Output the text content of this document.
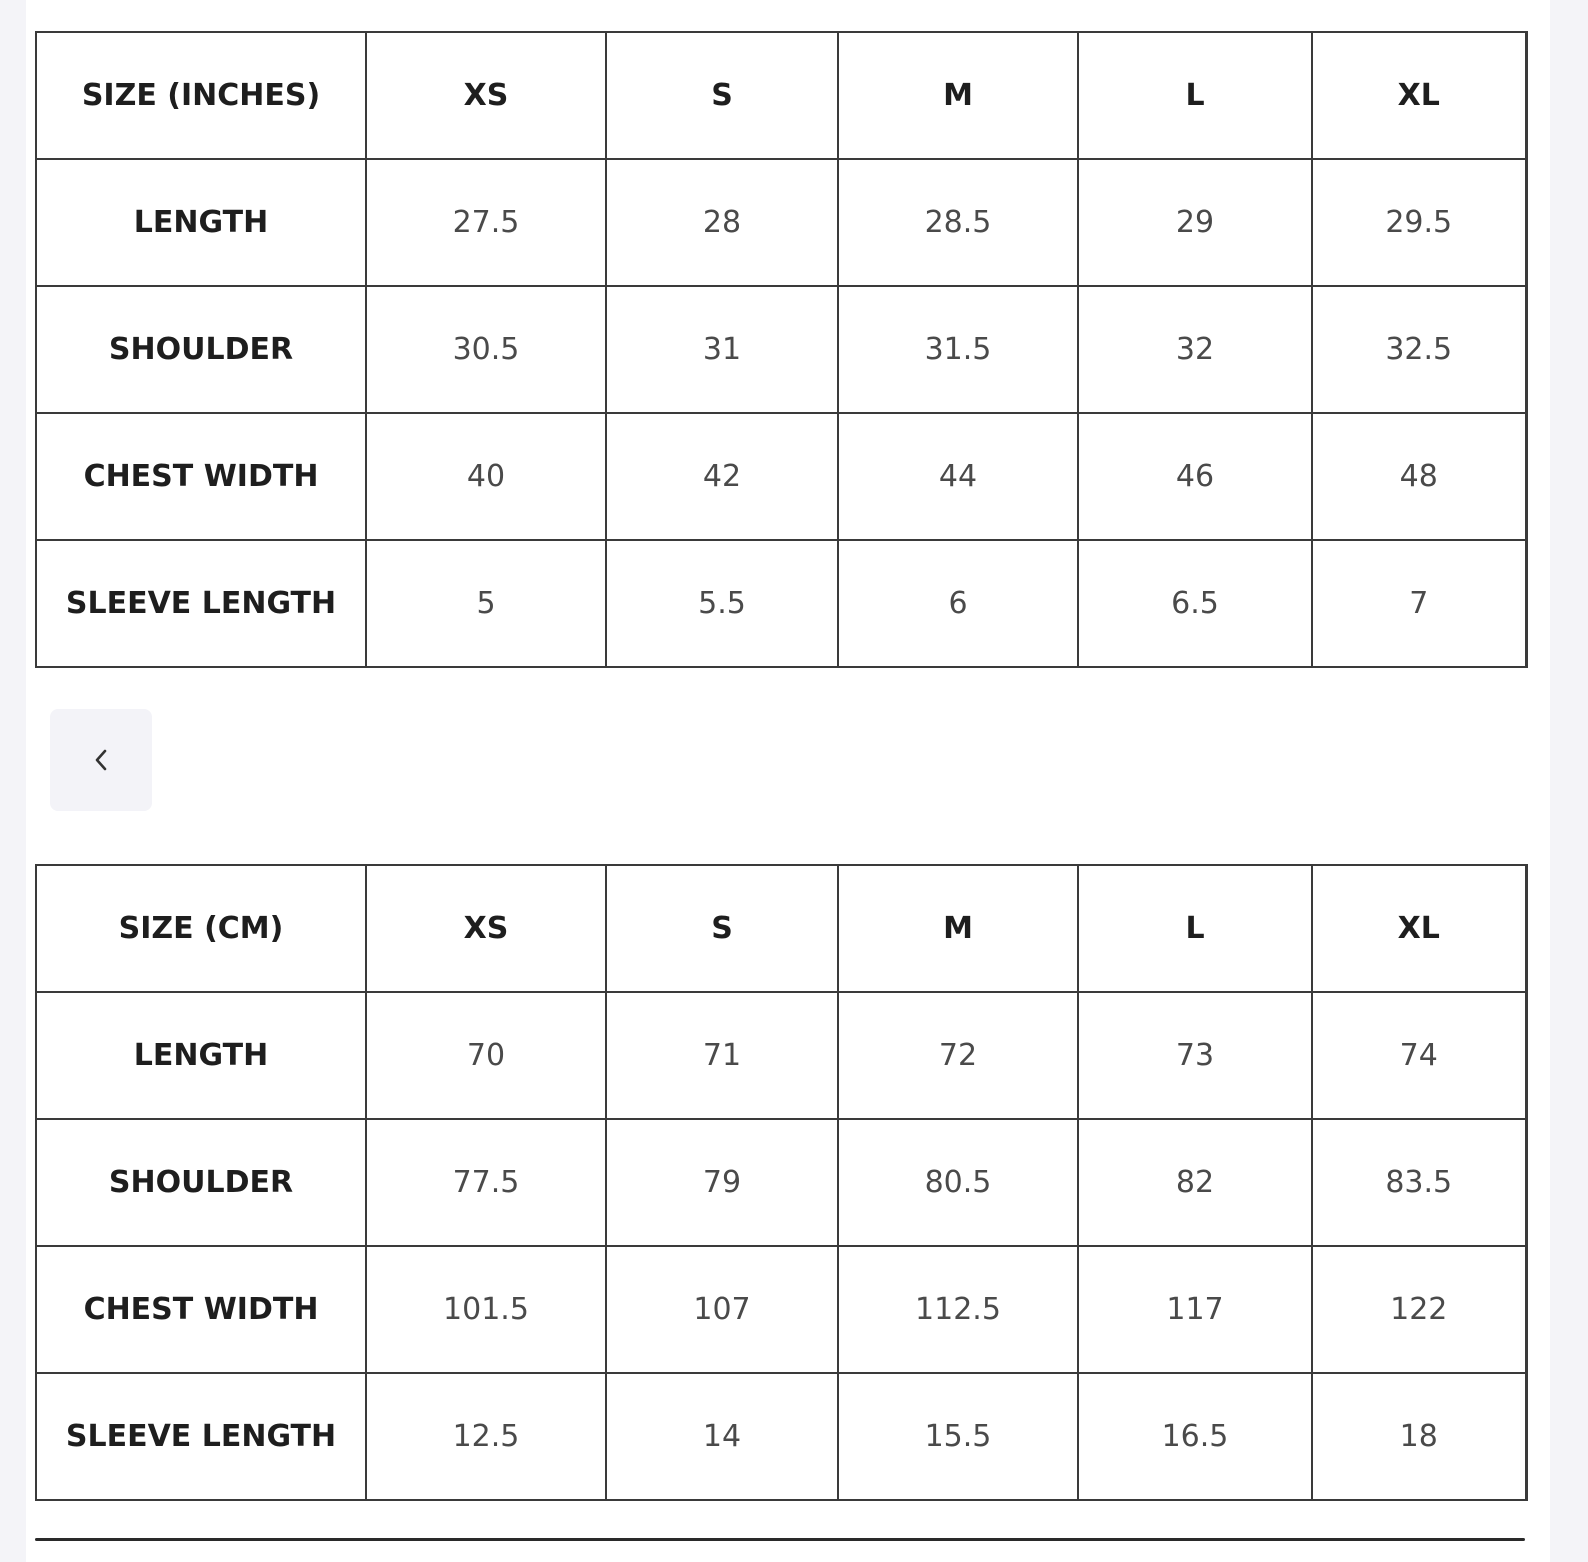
SIZE (INCHES)	XS	S	M	L	XL
LENGTH	27.5	28	28.5	29	29.5
SHOULDER	30.5	31	31.5	32	32.5
CHEST WIDTH	40	42	44	46	48
SLEEVE LENGTH	5	5.5	6	6.5	7
SIZE (CM)	XS	S	M	L	XL
LENGTH	70	71	72	73	74
SHOULDER	77.5	79	80.5	82	83.5
CHEST WIDTH	101.5	107	112.5	117	122
SLEEVE LENGTH	12.5	14	15.5	16.5	18
